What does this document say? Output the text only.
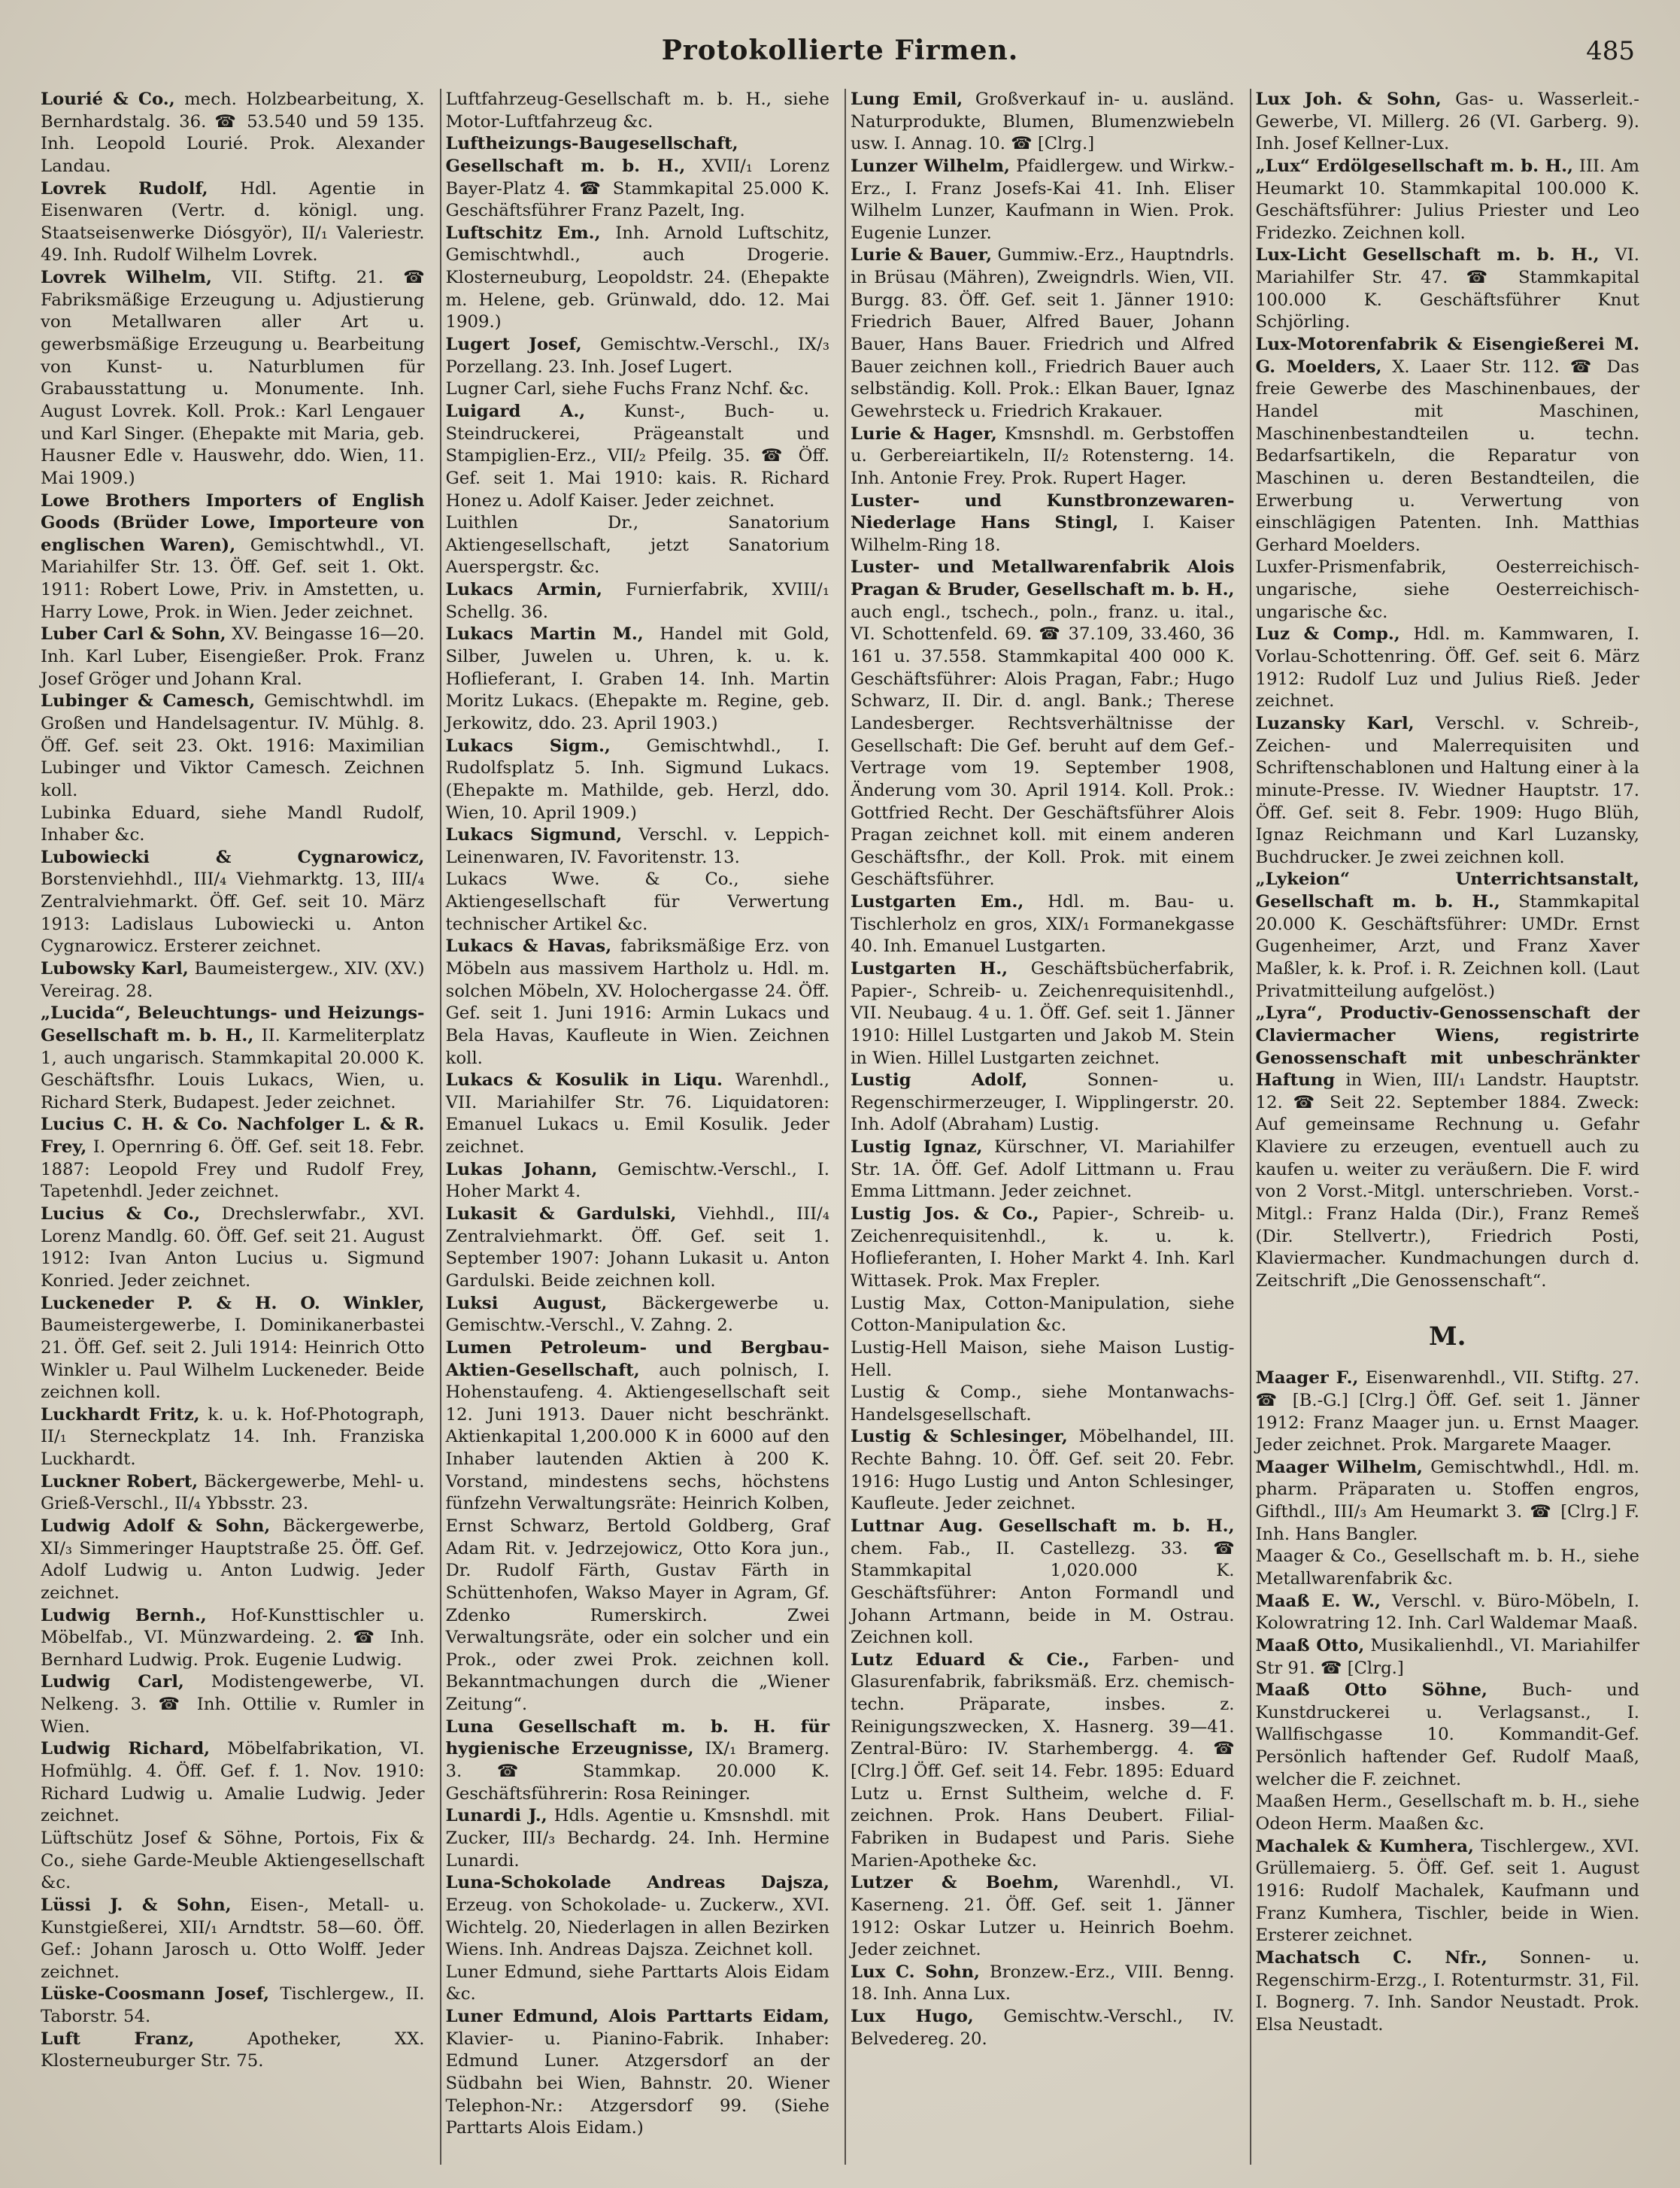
Protokollierte Firmen.	485

Lourié & Co., mech. Holzbearbeitung, X. Bernhardstalg. 36. ☎ 53.540 und 59 135. Inh. Leopold Lourié. Prok. Alexander Landau.

Lovrek Rudolf, Hdl. Agentie in Eisenwaren (Vertr. d. königl. ung. Staatseisenwerke Diósgyör), II/₁ Valeriestr. 49. Inh. Rudolf Wilhelm Lovrek.

Lovrek Wilhelm, VII. Stiftg. 21. ☎ Fabriksmäßige Erzeugung u. Adjustierung von Metallwaren aller Art u. gewerbsmäßige Erzeugung u. Bearbeitung von Kunst- u. Naturblumen für Grabausstattung u. Monumente. Inh. August Lovrek. Koll. Prok.: Karl Lengauer und Karl Singer. (Ehepakte mit Maria, geb. Hausner Edle v. Hauswehr, ddo. Wien, 11. Mai 1909.)

Lowe Brothers Importers of English Goods (Brüder Lowe, Importeure von englischen Waren), Gemischtwhdl., VI. Mariahilfer Str. 13. Öff. Gef. seit 1. Okt. 1911: Robert Lowe, Priv. in Amstetten, u. Harry Lowe, Prok. in Wien. Jeder zeichnet.

Luber Carl & Sohn, XV. Beingasse 16—20. Inh. Karl Luber, Eisengießer. Prok. Franz Josef Gröger und Johann Kral.

Lubinger & Camesch, Gemischtwhdl. im Großen und Handelsagentur. IV. Mühlg. 8. Öff. Gef. seit 23. Okt. 1916: Maximilian Lubinger und Viktor Camesch. Zeichnen koll.

Lubinka Eduard, siehe Mandl Rudolf, Inhaber &c.

Lubowiecki & Cygnarowicz, Borstenviehhdl., III/₄ Viehmarktg. 13, III/₄ Zentralviehmarkt. Öff. Gef. seit 10. März 1913: Ladislaus Lubowiecki u. Anton Cygnarowicz. Ersterer zeichnet.

Lubowsky Karl, Baumeistergew., XIV. (XV.) Vereirag. 28.

„Lucida“, Beleuchtungs- und Heizungs-Gesellschaft m. b. H., II. Karmeliterplatz 1, auch ungarisch. Stammkapital 20.000 K. Geschäftsfhr. Louis Lukacs, Wien, u. Richard Sterk, Budapest. Jeder zeichnet.

Lucius C. H. & Co. Nachfolger L. & R. Frey, I. Opernring 6. Öff. Gef. seit 18. Febr. 1887: Leopold Frey und Rudolf Frey, Tapetenhdl. Jeder zeichnet.

Lucius & Co., Drechslerwfabr., XVI. Lorenz Mandlg. 60. Öff. Gef. seit 21. August 1912: Ivan Anton Lucius u. Sigmund Konried. Jeder zeichnet.

Luckeneder P. & H. O. Winkler, Baumeistergewerbe, I. Dominikanerbastei 21. Öff. Gef. seit 2. Juli 1914: Heinrich Otto Winkler u. Paul Wilhelm Luckeneder. Beide zeichnen koll.

Luckhardt Fritz, k. u. k. Hof-Photograph, II/₁ Sterneckplatz 14. Inh. Franziska Luckhardt.

Luckner Robert, Bäckergewerbe, Mehl- u. Grieß-Verschl., II/₄ Ybbsstr. 23.

Ludwig Adolf & Sohn, Bäckergewerbe, XI/₃ Simmeringer Hauptstraße 25. Öff. Gef. Adolf Ludwig u. Anton Ludwig. Jeder zeichnet.

Ludwig Bernh., Hof-Kunsttischler u. Möbelfab., VI. Münzwardeing. 2. ☎ Inh. Bernhard Ludwig. Prok. Eugenie Ludwig.

Ludwig Carl, Modistengewerbe, VI. Nelkeng. 3. ☎ Inh. Ottilie v. Rumler in Wien.

Ludwig Richard, Möbelfabrikation, VI. Hofmühlg. 4. Öff. Gef. f. 1. Nov. 1910: Richard Ludwig u. Amalie Ludwig. Jeder zeichnet.

Lüftschütz Josef & Söhne, Portois, Fix & Co., siehe Garde-Meuble Aktiengesellschaft &c.

Lüssi J. & Sohn, Eisen-, Metall- u. Kunstgießerei, XII/₁ Arndtstr. 58—60. Öff. Gef.: Johann Jarosch u. Otto Wolff. Jeder zeichnet.

Lüske-Coosmann Josef, Tischlergew., II. Taborstr. 54.

Luft Franz,	Apotheker, XX. Klosterneuburger Str. 75.

Luftfahrzeug-Gesellschaft m. b. H., siehe Motor-Luftfahrzeug &c.

Luftheizungs-Baugesellschaft, Gesellschaft m. b. H., XVII/₁ Lorenz Bayer-Platz 4. ☎ Stammkapital 25.000 K. Geschäftsführer Franz Pazelt, Ing.

Luftschitz Em., Inh. Arnold Luftschitz, Gemischtwhdl., auch Drogerie. Klosterneuburg, Leopoldstr. 24. (Ehepakte m. Helene, geb. Grünwald, ddo. 12. Mai 1909.)

Lugert Josef, Gemischtw.-Verschl., IX/₃ Porzellang. 23. Inh. Josef Lugert.

Lugner Carl, siehe Fuchs Franz Nchf. &c.

Luigard A., Kunst-, Buch- u. Steindruckerei, Prägeanstalt und Stampiglien-Erz., VII/₂ Pfeilg. 35. ☎ Öff. Gef. seit 1. Mai 1910: kais. R. Richard Honez u. Adolf Kaiser. Jeder zeichnet.

Luithlen Dr., Sanatorium Aktiengesellschaft, jetzt Sanatorium Auerspergstr. &c.

Lukacs Armin, Furnierfabrik, XVIII/₁ Schellg. 36.

Lukacs Martin M., Handel mit Gold, Silber, Juwelen u. Uhren, k. u. k. Hoflieferant, I. Graben 14. Inh. Martin Moritz Lukacs. (Ehepakte m. Regine, geb. Jerkowitz, ddo. 23. April 1903.)

Lukacs Sigm., Gemischtwhdl., I. Rudolfsplatz 5. Inh. Sigmund Lukacs. (Ehepakte m. Mathilde, geb. Herzl, ddo. Wien, 10. April 1909.)

Lukacs Sigmund, Verschl. v. Leppich-Leinenwaren, IV. Favoritenstr. 13.

Lukacs Wwe. & Co., siehe Aktiengesellschaft für Verwertung technischer Artikel &c.

Lukacs & Havas, fabriksmäßige Erz. von Möbeln aus massivem Hartholz u. Hdl. m. solchen Möbeln, XV. Holochergasse 24. Öff. Gef. seit 1. Juni 1916: Armin Lukacs und Bela Havas, Kaufleute in Wien. Zeichnen koll.

Lukacs & Kosulik in Liqu. Warenhdl., VII. Mariahilfer Str. 76. Liquidatoren: Emanuel Lukacs u. Emil Kosulik. Jeder zeichnet.

Lukas Johann, Gemischtw.-Verschl., I. Hoher Markt 4.

Lukasit & Gardulski, Viehhdl., III/₄ Zentralviehmarkt. Öff. Gef. seit 1. September 1907: Johann Lukasit u. Anton Gardulski. Beide zeichnen koll.

Luksi August, Bäckergewerbe u. Gemischtw.-Verschl., V. Zahng. 2.

Lumen Petroleum- und Bergbau-Aktien-Gesellschaft, auch polnisch, I. Hohenstaufeng. 4. Aktiengesellschaft seit 12. Juni 1913. Dauer nicht beschränkt. Aktienkapital 1,200.000 K in 6000 auf den Inhaber lautenden Aktien à 200 K. Vorstand, mindestens sechs, höchstens fünfzehn Verwaltungsräte: Heinrich Kolben, Ernst Schwarz, Bertold Goldberg, Graf Adam Rit. v. Jedrzejowicz, Otto Kora jun., Dr. Rudolf Färth, Gustav Färth in Schüttenhofen, Wakso Mayer in Agram, Gf. Zdenko Rumerskirch. Zwei Verwaltungsräte, oder ein solcher und ein Prok., oder zwei Prok. zeichnen koll. Bekanntmachungen durch die „Wiener Zeitung“.

Luna Gesellschaft m. b. H. für hygienische Erzeugnisse, IX/₁ Bramerg. 3. ☎ Stammkap. 20.000 K. Geschäftsführerin: Rosa Reininger.

Lunardi J., Hdls. Agentie u. Kmsnshdl. mit Zucker, III/₃ Bechardg. 24. Inh. Hermine Lunardi.

Luna-Schokolade Andreas Dajsza, Erzeug. von Schokolade- u. Zuckerw., XVI. Wichtelg. 20, Niederlagen in allen Bezirken Wiens. Inh. Andreas Dajsza. Zeichnet koll.

Luner Edmund, siehe Parttarts Alois Eidam &c.

Luner Edmund, Alois Parttarts Eidam, Klavier- u. Pianino-Fabrik. Inhaber: Edmund Luner. Atzgersdorf an der Südbahn bei Wien, Bahnstr. 20. Wiener Telephon-Nr.: Atzgersdorf 99. (Siehe Parttarts Alois Eidam.)

Lung Emil, Großverkauf in- u. ausländ. Naturprodukte, Blumen, Blumenzwiebeln usw. I. Annag. 10. ☎ [Clrg.]

Lunzer Wilhelm, Pfaidlergew. und Wirkw.-Erz., I. Franz Josefs-Kai 41. Inh. Eliser Wilhelm Lunzer, Kaufmann in Wien. Prok. Eugenie Lunzer.

Lurie & Bauer, Gummiw.-Erz., Hauptndrls. in Brüsau (Mähren), Zweigndrls. Wien, VII. Burgg. 83. Öff. Gef. seit 1. Jänner 1910: Friedrich Bauer, Alfred Bauer, Johann Bauer, Hans Bauer. Friedrich und Alfred Bauer zeichnen koll., Friedrich Bauer auch selbständig. Koll. Prok.: Elkan Bauer, Ignaz Gewehrsteck u. Friedrich Krakauer.

Lurie & Hager, Kmsnshdl. m. Gerbstoffen u. Gerbereiartikeln, II/₂ Rotensterng. 14. Inh. Antonie Frey. Prok. Rupert Hager.

Luster- und Kunstbronzewaren-Niederlage Hans Stingl, I. Kaiser Wilhelm-Ring 18.

Luster- und Metallwarenfabrik Alois Pragan & Bruder, Gesellschaft m. b. H., auch engl., tschech., poln., franz. u. ital., VI. Schottenfeld. 69. ☎ 37.109, 33.460, 36 161 u. 37.558. Stammkapital 400 000 K. Geschäftsführer: Alois Pragan, Fabr.; Hugo Schwarz, II. Dir. d. angl. Bank.; Therese Landesberger. Rechtsverhältnisse der Gesellschaft: Die Gef. beruht auf dem Gef.-Vertrage vom 19. September 1908, Änderung vom 30. April 1914. Koll. Prok.: Gottfried Recht. Der Geschäftsführer Alois Pragan zeichnet koll. mit einem anderen Geschäftsfhr., der Koll. Prok. mit einem Geschäftsführer.

Lustgarten Em., Hdl. m. Bau- u. Tischlerholz en gros, XIX/₁ Formanekgasse 40. Inh. Emanuel Lustgarten.

Lustgarten H., Geschäftsbücherfabrik, Papier-, Schreib- u. Zeichenrequisitenhdl., VII. Neubaug. 4 u. 1. Öff. Gef. seit 1. Jänner 1910: Hillel Lustgarten und Jakob M. Stein in Wien. Hillel Lustgarten zeichnet.

Lustig Adolf,	Sonnen- u. Regenschirmerzeuger, I. Wipplingerstr. 20. Inh. Adolf (Abraham) Lustig.

Lustig Ignaz, Kürschner, VI. Mariahilfer Str. 1A. Öff. Gef. Adolf Littmann u. Frau Emma Littmann. Jeder zeichnet.

Lustig Jos. & Co., Papier-, Schreib- u. Zeichenrequisitenhdl., k. u. k. Hoflieferanten, I. Hoher Markt 4. Inh. Karl Wittasek. Prok. Max Frepler.

Lustig Max, Cotton-Manipulation, siehe Cotton-Manipulation &c.

Lustig-Hell Maison, siehe Maison Lustig-Hell.

Lustig & Comp., siehe Montanwachs-Handelsgesellschaft.

Lustig & Schlesinger, Möbelhandel, III. Rechte Bahng. 10. Öff. Gef. seit 20. Febr. 1916: Hugo Lustig und Anton Schlesinger, Kaufleute. Jeder zeichnet.

Luttnar Aug. Gesellschaft m. b. H., chem. Fab., II. Castellezg. 33. ☎ Stammkapital 1,020.000 K. Geschäftsführer: Anton Formandl und Johann Artmann, beide in M. Ostrau. Zeichnen koll.

Lutz Eduard & Cie., Farben- und Glasurenfabrik, fabriksmäß. Erz. chemisch-techn. Präparate, insbes. z. Reinigungszwecken, X. Hasnerg. 39—41. Zentral-Büro: IV. Starhembergg. 4. ☎ [Clrg.] Öff. Gef. seit 14. Febr. 1895: Eduard Lutz u. Ernst Sultheim, welche d. F. zeichnen. Prok. Hans Deubert. Filial-Fabriken in Budapest und Paris. Siehe Marien-Apotheke &c.

Lutzer & Boehm, Warenhdl., VI. Kaserneng. 21. Öff. Gef. seit 1. Jänner 1912: Oskar Lutzer u. Heinrich Boehm. Jeder zeichnet.

Lux C. Sohn, Bronzew.-Erz., VIII. Benng. 18. Inh. Anna Lux.

Lux Hugo, Gemischtw.-Verschl., IV. Belvedereg. 20.

Lux Joh. & Sohn, Gas- u. Wasserleit.-Gewerbe, VI. Millerg. 26 (VI. Garberg. 9). Inh. Josef Kellner-Lux.

„Lux“ Erdölgesellschaft m. b. H., III. Am Heumarkt 10. Stammkapital 100.000 K. Geschäftsführer: Julius Priester und Leo Fridezko. Zeichnen koll.

Lux-Licht Gesellschaft m. b. H., VI. Mariahilfer Str. 47. ☎ Stammkapital 100.000 K. Geschäftsführer Knut Schjörling.

Lux-Motorenfabrik & Eisengießerei M. G. Moelders, X. Laaer Str. 112. ☎ Das freie Gewerbe des Maschinenbaues, der Handel mit Maschinen, Maschinenbestandteilen u. techn. Bedarfsartikeln, die Reparatur von Maschinen u. deren Bestandteilen, die Erwerbung u. Verwertung von einschlägigen Patenten. Inh. Matthias Gerhard Moelders.

Luxfer-Prismenfabrik, Oesterreichisch-ungarische, siehe Oesterreichisch-ungarische &c.

Luz & Comp., Hdl. m. Kammwaren, I. Vorlau-Schottenring. Öff. Gef. seit 6. März 1912: Rudolf Luz und Julius Rieß. Jeder zeichnet.

Luzansky Karl, Verschl. v. Schreib-, Zeichen- und Malerrequisiten und Schriftenschablonen und Haltung einer à la minute-Presse. IV. Wiedner Hauptstr. 17. Öff. Gef. seit 8. Febr. 1909: Hugo Blüh, Ignaz Reichmann und Karl Luzansky, Buchdrucker. Je zwei zeichnen koll.

„Lykeion“ Unterrichtsanstalt, Gesellschaft m. b. H., Stammkapital 20.000 K. Geschäftsführer: UMDr. Ernst Gugenheimer, Arzt, und Franz Xaver Maßler, k. k. Prof. i. R. Zeichnen koll. (Laut Privatmitteilung aufgelöst.)

„Lyra“, Productiv-Genossenschaft der Claviermacher Wiens, registrirte Genossenschaft mit unbeschränkter Haftung in Wien, III/₁ Landstr. Hauptstr. 12. ☎ Seit 22. September 1884. Zweck: Auf gemeinsame Rechnung u. Gefahr Klaviere zu erzeugen, eventuell auch zu kaufen u. weiter zu veräußern. Die F. wird von 2 Vorst.-Mitgl. unterschrieben. Vorst.-Mitgl.: Franz Halda (Dir.), Franz Remeš (Dir. Stellvertr.), Friedrich Posti, Klaviermacher. Kundmachungen durch d. Zeitschrift „Die Genossenschaft“.

M.

Maager F., Eisenwarenhdl., VII. Stiftg. 27. ☎ [B.-G.] [Clrg.] Öff. Gef. seit 1. Jänner 1912: Franz Maager jun. u. Ernst Maager. Jeder zeichnet. Prok. Margarete Maager.

Maager Wilhelm, Gemischtwhdl., Hdl. m. pharm. Präparaten u. Stoffen engros, Gifthdl., III/₃ Am Heumarkt 3. ☎ [Clrg.] F. Inh. Hans Bangler.

Maager & Co., Gesellschaft m. b. H., siehe Metallwarenfabrik &c.

Maaß E. W., Verschl. v. Büro-Möbeln, I. Kolowratring 12. Inh. Carl Waldemar Maaß.

Maaß Otto, Musikalienhdl., VI. Mariahilfer Str 91. ☎ [Clrg.]

Maaß Otto Söhne, Buch- und Kunstdruckerei u. Verlagsanst., I. Wallfischgasse 10. Kommandit-Gef. Persönlich haftender Gef. Rudolf Maaß, welcher die F. zeichnet.

Maaßen Herm., Gesellschaft m. b. H., siehe Odeon Herm. Maaßen &c.

Machalek & Kumhera, Tischlergew., XVI. Grüllemaierg. 5. Öff. Gef. seit 1. August 1916: Rudolf Machalek, Kaufmann und Franz Kumhera, Tischler, beide in Wien. Ersterer zeichnet.

Machatsch C. Nfr., Sonnen- u. Regenschirm-Erzg., I. Rotenturmstr. 31, Fil. I. Bognerg. 7. Inh. Sandor Neustadt. Prok. Elsa Neustadt.
